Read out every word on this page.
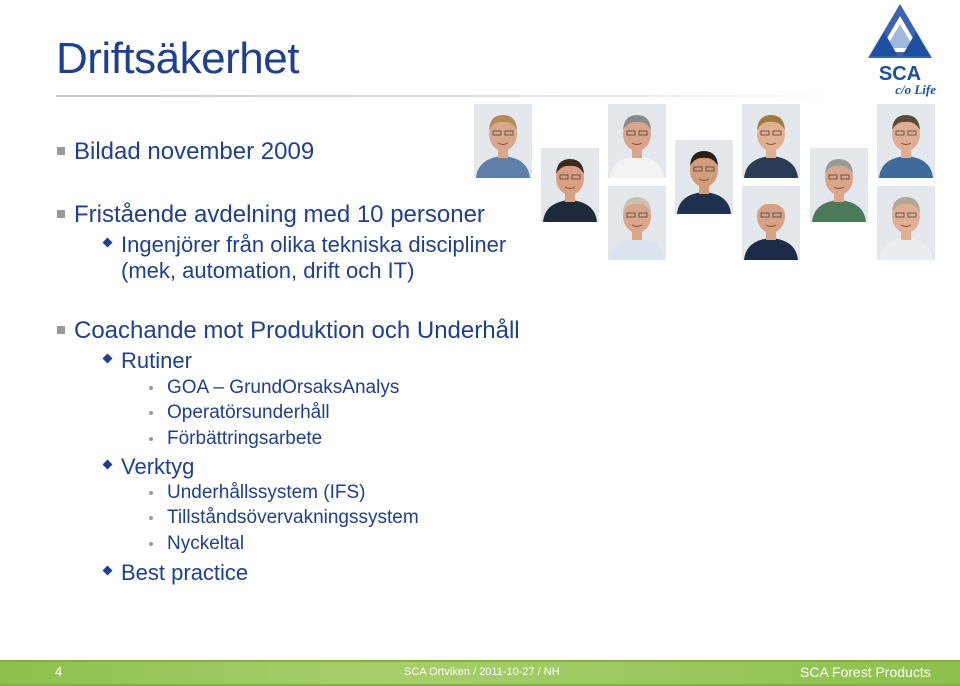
Driftsäkerhet	SCA
c/o Life
Bildad november 2009
Fristående avdelning med 10 personer
Ingenjörer från olika tekniska discipliner
(mek, automation, drift och IT)
Coachande mot Produktion och Underhåll
Rutiner
GOA – GrundOrsaksAnalys
Operatörsunderhåll
Förbättringsarbete
Verktyg
Underhållssystem (IFS)
Tillståndsövervakningssystem
Nyckeltal
Best practice
4	SCA Ortviken / 2011-10-27 / NH	SCA Forest Products
